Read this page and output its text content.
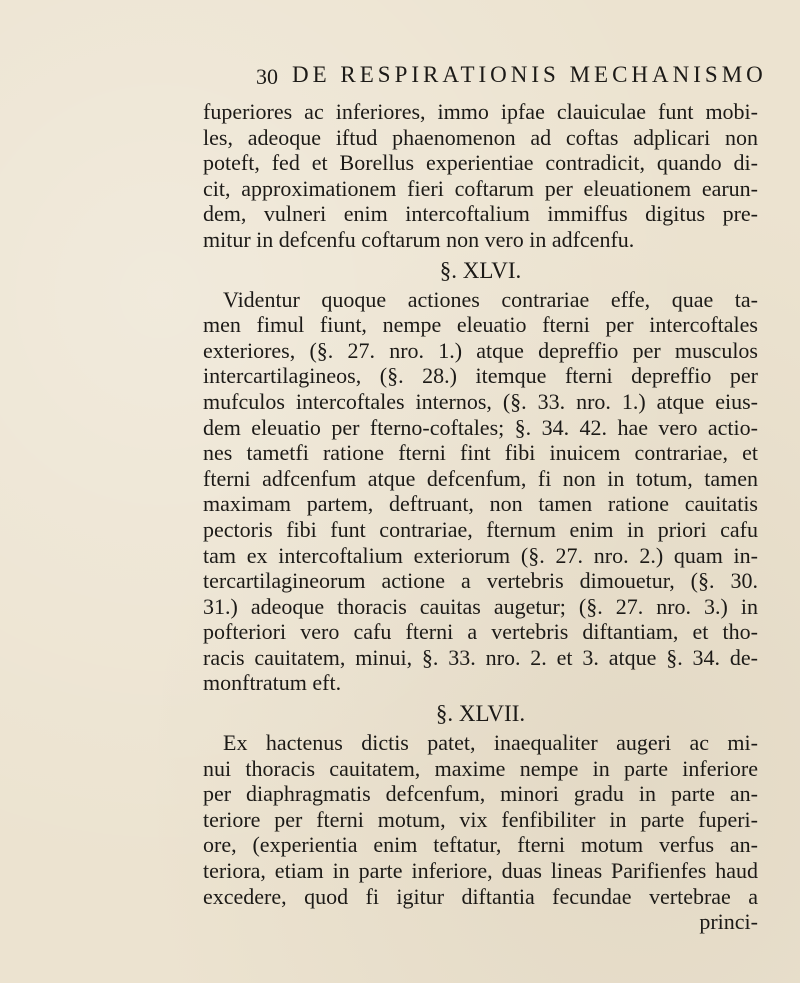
30 DE RESPIRATIONIS MECHANISMO
fuperiores ac inferiores, immo ipfae clauiculae funt mobi-
les, adeoque iftud phaenomenon ad coftas adplicari non
poteft, fed et Borellus experientiae contradicit, quando di-
cit, approximationem fieri coftarum per eleuationem earun-
dem, vulneri enim intercoftalium immiffus digitus pre-
mitur in defcenfu coftarum non vero in adfcenfu.
§. XLVI.
Videntur quoque actiones contrariae effe, quae ta-
men fimul fiunt, nempe eleuatio fterni per intercoftales
exteriores, (§. 27. nro. 1.) atque depreffio per musculos
intercartilagineos, (§. 28.) itemque fterni depreffio per
mufculos intercoftales internos, (§. 33. nro. 1.) atque eius-
dem eleuatio per fterno-coftales; §. 34. 42. hae vero actio-
nes tametfi ratione fterni fint fibi inuicem contrariae, et
fterni adfcenfum atque defcenfum, fi non in totum, tamen
maximam partem, deftruant, non tamen ratione cauitatis
pectoris fibi funt contrariae, fternum enim in priori cafu
tam ex intercoftalium exteriorum (§. 27. nro. 2.) quam in-
tercartilagineorum actione a vertebris dimouetur, (§. 30.
31.) adeoque thoracis cauitas augetur; (§. 27. nro. 3.) in
pofteriori vero cafu fterni a vertebris diftantiam, et tho-
racis cauitatem, minui, §. 33. nro. 2. et 3. atque §. 34. de-
monftratum eft.
§. XLVII.
Ex hactenus dictis patet, inaequaliter augeri ac mi-
nui thoracis cauitatem, maxime nempe in parte inferiore
per diaphragmatis defcenfum, minori gradu in parte an-
teriore per fterni motum, vix fenfibiliter in parte fuperi-
ore, (experientia enim teftatur, fterni motum verfus an-
teriora, etiam in parte inferiore, duas lineas Parifienfes haud
excedere, quod fi igitur diftantia fecundae vertebrae a
princi-
